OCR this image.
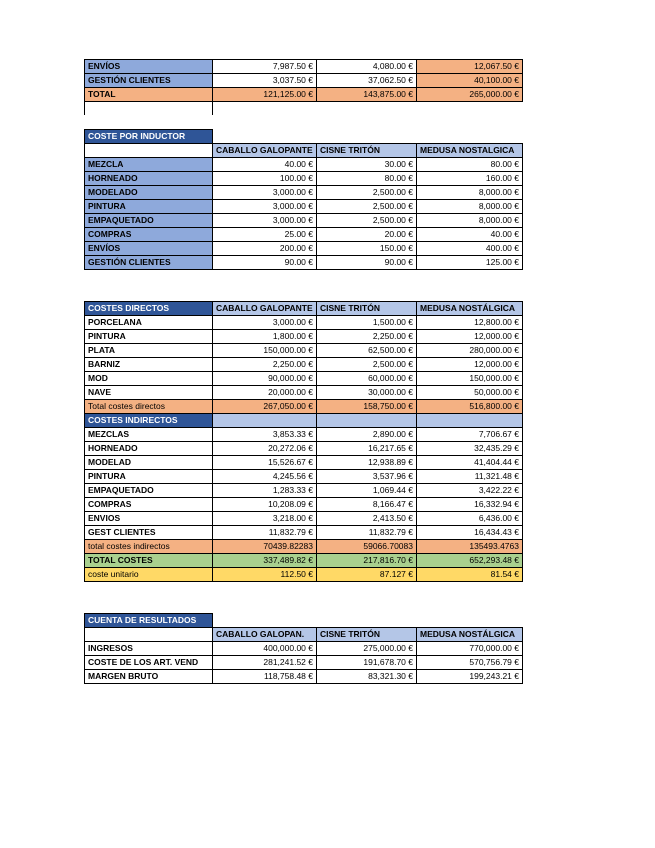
ENVÍOS	7,987.50 €	4,080.00 €	12,067.50 €
GESTIÓN CLIENTES	3,037.50 €	37,062.50 €	40,100.00 €
TOTAL	121,125.00 €	143,875.00 €	265,000.00 €

COSTE POR INDUCTOR			
	CABALLO GALOPANTE	CISNE TRITÓN	MEDUSA NOSTALGICA
MEZCLA	40.00 €	30.00 €	80.00 €
HORNEADO	100.00 €	80.00 €	160.00 €
MODELADO	3,000.00 €	2,500.00 €	8,000.00 €
PINTURA	3,000.00 €	2,500.00 €	8,000.00 €
EMPAQUETADO	3,000.00 €	2,500.00 €	8,000.00 €
COMPRAS	25.00 €	20.00 €	40.00 €
ENVÍOS	200.00 €	150.00 €	400.00 €
GESTIÓN CLIENTES	90.00 €	90.00 €	125.00 €
COSTES DIRECTOS	CABALLO GALOPANTE	CISNE TRITÓN	MEDUSA NOSTÁLGICA
PORCELANA	3,000.00 €	1,500.00 €	12,800.00 €
PINTURA	1,800.00 €	2,250.00 €	12,000.00 €
PLATA	150,000.00 €	62,500.00 €	280,000.00 €
BARNIZ	2,250.00 €	2,500.00 €	12,000.00 €
MOD	90,000.00 €	60,000.00 €	150,000.00 €
NAVE	20,000.00 €	30,000.00 €	50,000.00 €
Total costes directos	267,050.00 €	158,750.00 €	516,800.00 €
COSTES INDIRECTOS			
MEZCLAS	3,853.33 €	2,890.00 €	7,706.67 €
HORNEADO	20,272.06 €	16,217.65 €	32,435.29 €
MODELAD	15,526.67 €	12,938.89 €	41,404.44 €
PINTURA	4,245.56 €	3,537.96 €	11,321.48 €
EMPAQUETADO	1,283.33 €	1,069.44 €	3,422.22 €
COMPRAS	10,208.09 €	8,166.47 €	16,332.94 €
ENVIOS	3,218.00 €	2,413.50 €	6,436.00 €
GEST CLIENTES	11,832.79 €	11,832.79 €	16,434.43 €
total costes indirectos	70439.82283	59066.70083	135493.4763
TOTAL COSTES	337,489.82 €	217,816.70 €	652,293.48 €
coste unitario	112.50 €	87.127 €	81.54 €
CUENTA DE RESULTADOS			
	CABALLO GALOPAN.	CISNE TRITÓN	MEDUSA NOSTÁLGICA
INGRESOS	400,000.00 €	275,000.00 €	770,000.00 €
COSTE DE LOS ART. VEND	281,241.52 €	191,678.70 €	570,756.79 €
MARGEN BRUTO	118,758.48 €	83,321.30 €	199,243.21 €
